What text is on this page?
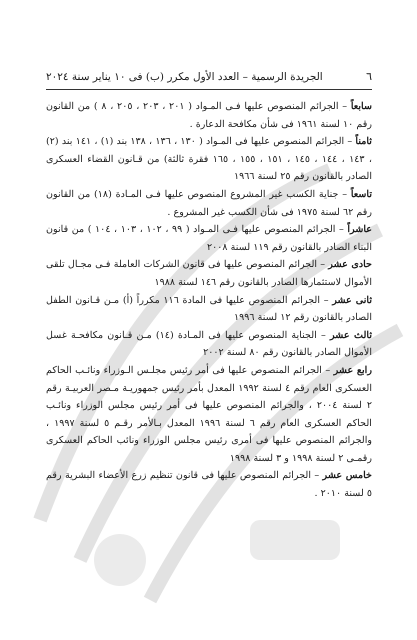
٦
الجريدة الرسمية – العدد الأول مكرر (ب) فى ١٠ يناير سنة ٢٠٢٤

سابعاً – الجرائم المنصوص عليها فـى المـواد ( ٢٠١ ، ٢٠٣ ، ٢٠٥ ، ٨ ) من القانون رقم ١٠ لسنة ١٩٦١ فى شأن مكافحة الدعارة .

ثامناً – الجرائم المنصوص عليها فى المـواد ( ١٣٠ ، ١٣٦ ، ١٣٨ بند (١) ، ١٤١ بند (٢) ، ١٤٣ ، ١٤٤ ، ١٤٥ ، ١٥١ ، ١٥٥ ، ١٦٥ فقرة ثالثة) من قـانون القضاء العسكرى الصادر بالقانون رقم ٢٥ لسنة ١٩٦٦

تاسعاً – جناية الكسب غير المشروع المنصوص عليها فـى المـادة (١٨) من القانون رقم ٦٢ لسنة ١٩٧٥ فى شأن الكسب غير المشروع .

عاشراً – الجرائم المنصوص عليها فـى المـواد ( ٩٩ ، ١٠٢ ، ١٠٣ ، ١٠٤ ) من قانون البناء الصادر بالقانون رقم ١١٩ لسنة ٢٠٠٨

حادى عشر – الجرائم المنصوص عليها فى قانون الشركات العاملة فـى مجـال تلقى الأموال لاستثمارها الصادر بالقانون رقم ١٤٦ لسنة ١٩٨٨

ثانى عشر – الجرائم المنصوص عليها فى المادة ١١٦ مكرراً (أ) مـن قـانون الطفل الصادر بالقانون رقم ١٢ لسنة ١٩٩٦

ثالث عشر – الجناية المنصوص عليها فى المـادة (١٤) مـن قـانون مكافحـة غسل الأموال الصادر بالقانون رقم ٨٠ لسنة ٢٠٠٢

رابع عشر – الجرائم المنصوص عليها فى أمر رئيس مجلـس الـوزراء ونائـب الحاكم العسكرى العام رقم ٤ لسنة ١٩٩٢ المعدل بأمر رئيس جمهوريـة مـصر العربيـة رقم ٢ لسنة ٢٠٠٤ ، والجرائم المنصوص عليها فى أمر رئيس مجلس الوزراء ونائـب الحاكم العسكرى العام رقم ٦ لسنة ١٩٩٦ المعدل بـالأمر رقـم ٥ لسنة ١٩٩٧ ، والجرائم المنصوص عليها فى أمرى رئيس مجلس الوزراء ونائب الحاكم العسكرى رقمـى ٢ لسنة ١٩٩٨ و ٣ لسنة ١٩٩٨

خامس عشر – الجرائم المنصوص عليها فى قانون تنظيم زرع الأعضاء البشرية رقم ٥ لسنة ٢٠١٠ .
